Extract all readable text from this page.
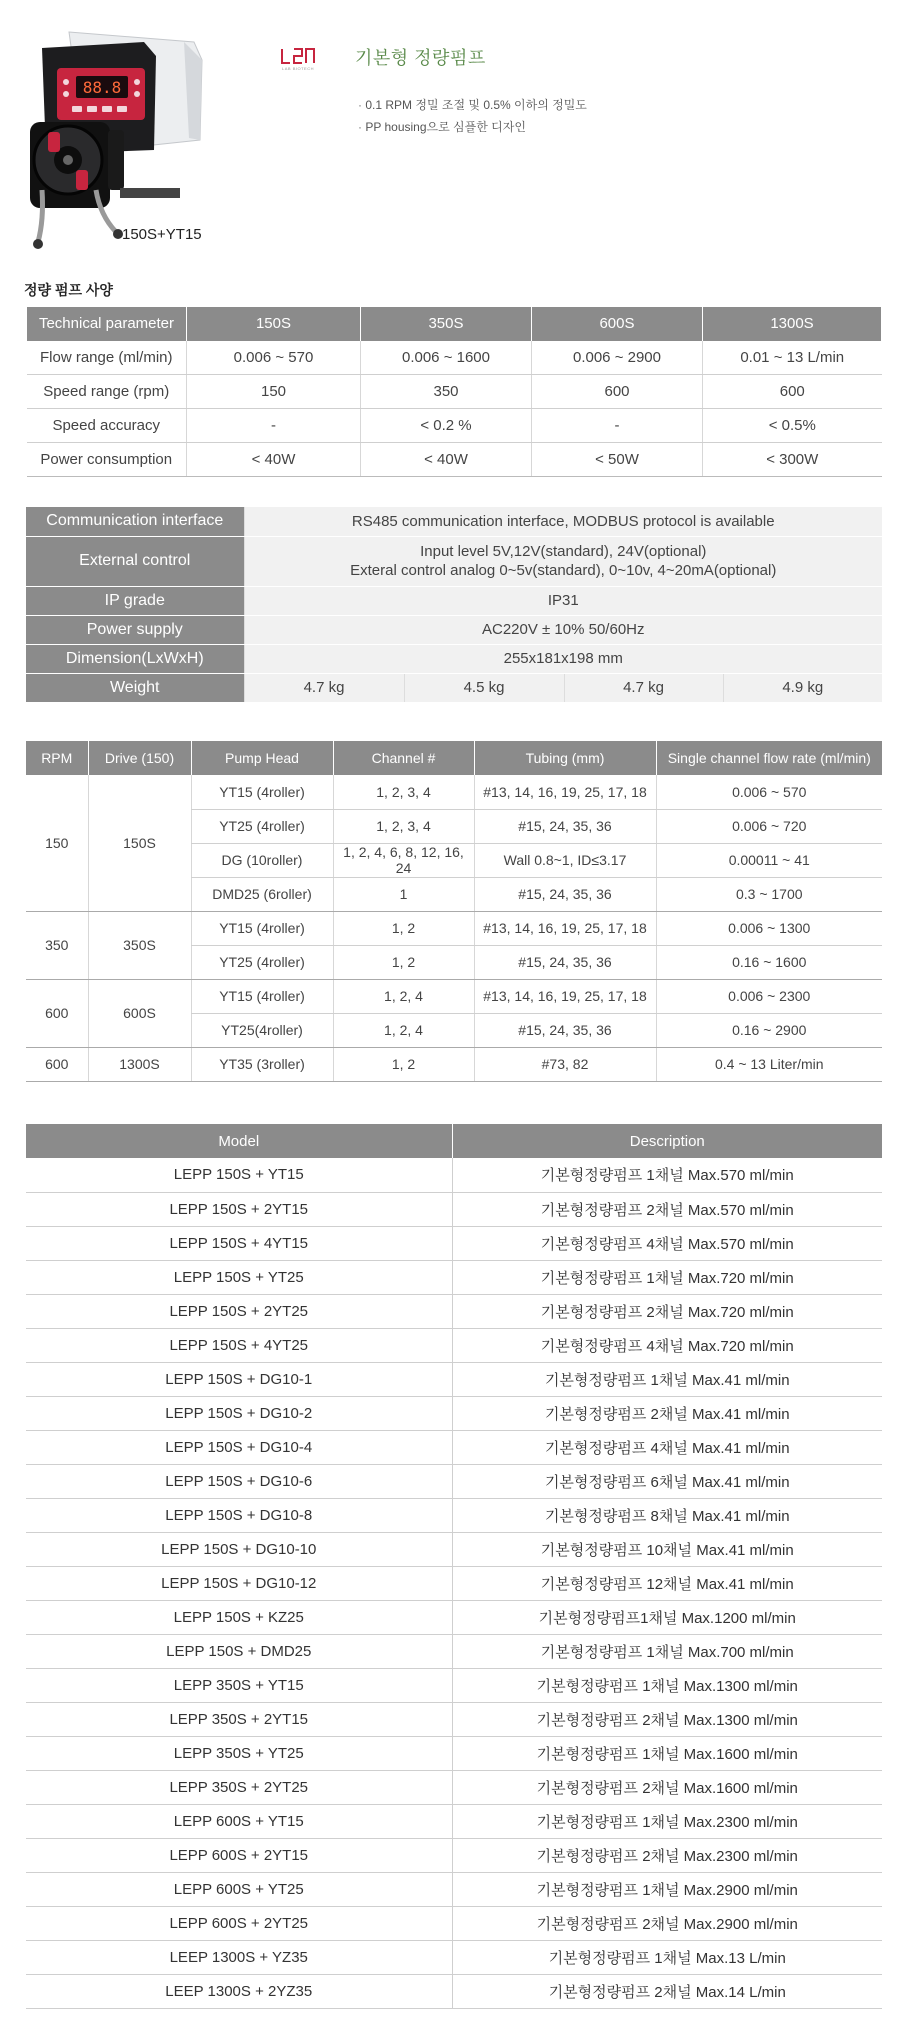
88.8
150S+YT15
LAB BIOTECH
기본형 정량펌프
· 0.1 RPM 정밀 조절 및 0.5% 이하의 정밀도
· PP housing으로 심플한 디자인
정량 펌프 사양
Technical parameter	150S	350S	600S	1300S
Flow range (ml/min)	0.006 ~ 570	0.006 ~ 1600	0.006 ~ 2900	0.01 ~ 13 L/min
Speed range (rpm)	150	350	600	600
Speed accuracy	-	< 0.2 %	-	< 0.5%
Power consumption	< 40W	< 40W	< 50W	< 300W
Communication interface	RS485 communication interface, MODBUS protocol is available			
External control	Input level 5V,12V(standard), 24V(optional)
Exteral control analog 0~5v(standard), 0~10v, 4~20mA(optional)			

IP grade	IP31			
Power supply	AC220V ± 10% 50/60Hz			
Dimension(LxWxH)	255x181x198 mm			
Weight	4.7 kg	4.5 kg	4.7 kg	4.9 kg
RPM	Drive (150)	Pump Head	Channel #	Tubing (mm)	Single channel flow rate (ml/min)
150	150S	YT15 (4roller)	1, 2, 3, 4	#13, 14, 16, 19, 25, 17, 18	0.006 ~ 570
		YT25 (4roller)	1, 2, 3, 4	#15, 24, 35, 36	0.006 ~ 720
		DG (10roller)	1, 2, 4, 6, 8, 12, 16, 24	Wall 0.8~1, ID≤3.17	0.00011 ~ 41
		DMD25 (6roller)	1	#15, 24, 35, 36	0.3 ~ 1700
350	350S	YT15 (4roller)	1, 2	#13, 14, 16, 19, 25, 17, 18	0.006 ~ 1300
		YT25 (4roller)	1, 2	#15, 24, 35, 36	0.16 ~ 1600
600	600S	YT15 (4roller)	1, 2, 4	#13, 14, 16, 19, 25, 17, 18	0.006 ~ 2300
		YT25(4roller)	1, 2, 4	#15, 24, 35, 36	0.16 ~ 2900
600	1300S	YT35 (3roller)	1, 2	#73, 82	0.4 ~ 13 Liter/min
Model	Description
LEPP 150S + YT15	기본형정량펌프 1채널 Max.570 ml/min
LEPP 150S + 2YT15	기본형정량펌프 2채널 Max.570 ml/min
LEPP 150S + 4YT15	기본형정량펌프 4채널 Max.570 ml/min
LEPP 150S + YT25	기본형정량펌프 1채널 Max.720 ml/min
LEPP 150S + 2YT25	기본형정량펌프 2채널 Max.720 ml/min
LEPP 150S + 4YT25	기본형정량펌프 4채널 Max.720 ml/min
LEPP 150S + DG10-1	기본형정량펌프 1채널 Max.41 ml/min
LEPP 150S + DG10-2	기본형정량펌프 2채널 Max.41 ml/min
LEPP 150S + DG10-4	기본형정량펌프 4채널 Max.41 ml/min
LEPP 150S + DG10-6	기본형정량펌프 6채널 Max.41 ml/min
LEPP 150S + DG10-8	기본형정량펌프 8채널 Max.41 ml/min
LEPP 150S + DG10-10	기본형정량펌프 10채널 Max.41 ml/min
LEPP 150S + DG10-12	기본형정량펌프 12채널 Max.41 ml/min
LEPP 150S + KZ25	기본형정량펌프1채널 Max.1200 ml/min
LEPP 150S + DMD25	기본형정량펌프 1채널 Max.700 ml/min
LEPP 350S + YT15	기본형정량펌프 1채널 Max.1300 ml/min
LEPP 350S + 2YT15	기본형정량펌프 2채널 Max.1300 ml/min
LEPP 350S + YT25	기본형정량펌프 1채널 Max.1600 ml/min
LEPP 350S + 2YT25	기본형정량펌프 2채널 Max.1600 ml/min
LEPP 600S + YT15	기본형정량펌프 1채널 Max.2300 ml/min
LEPP 600S + 2YT15	기본형정량펌프 2채널 Max.2300 ml/min
LEPP 600S + YT25	기본형정량펌프 1채널 Max.2900 ml/min
LEPP 600S + 2YT25	기본형정량펌프 2채널 Max.2900 ml/min
LEEP 1300S + YZ35	기본형정량펌프 1채널 Max.13 L/min
LEEP 1300S + 2YZ35	기본형정량펌프 2채널 Max.14 L/min
